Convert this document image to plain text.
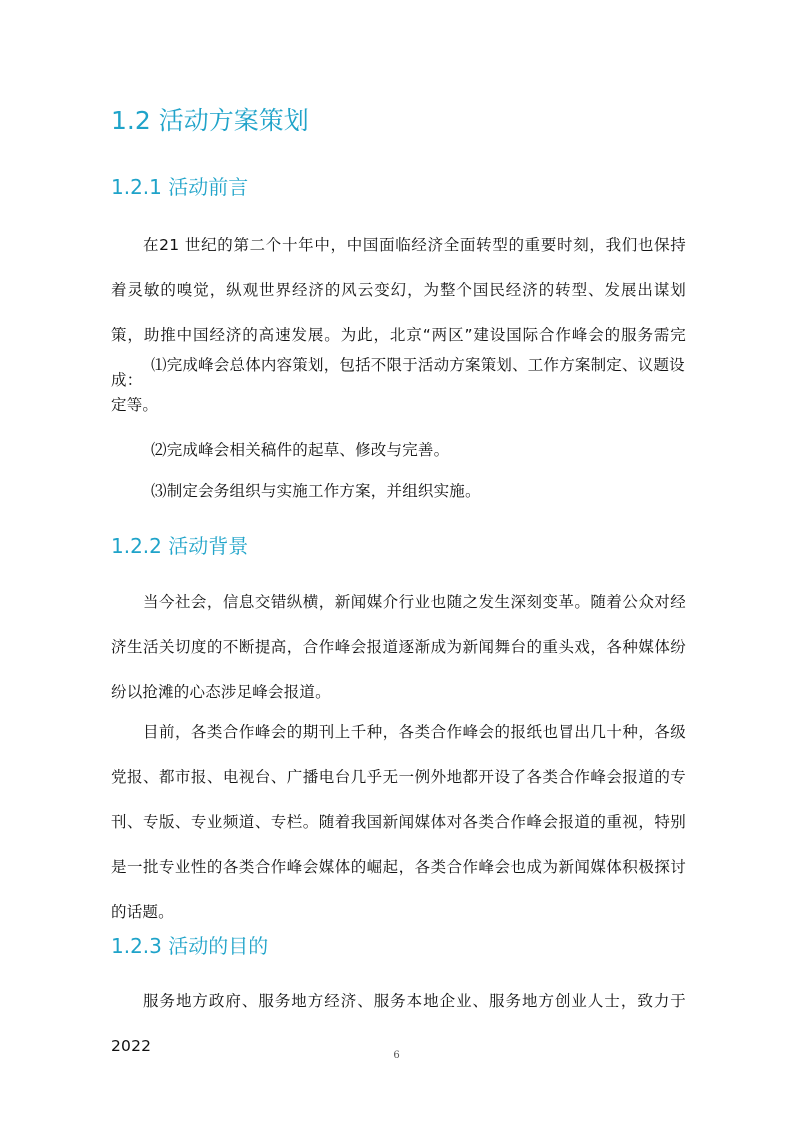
1.2 活动方案策划
1.2.1 活动前言
在21 世纪的第二个十年中，中国面临经济全面转型的重要时刻，我们也保持着灵敏的嗅觉，纵观世界经济的风云变幻，为整个国民经济的转型、发展出谋划策，助推中国经济的高速发展。为此，北京“两区”建设国际合作峰会的服务需完成：
⑴完成峰会总体内容策划，包括不限于活动方案策划、工作方案制定、议题设定等。
⑵完成峰会相关稿件的起草、修改与完善。
⑶制定会务组织与实施工作方案，并组织实施。
1.2.2 活动背景
当今社会，信息交错纵横，新闻媒介行业也随之发生深刻变革。随着公众对经济生活关切度的不断提高，合作峰会报道逐渐成为新闻舞台的重头戏，各种媒体纷纷以抢滩的心态涉足峰会报道。
目前，各类合作峰会的期刊上千种，各类合作峰会的报纸也冒出几十种，各级党报、都市报、电视台、广播电台几乎无一例外地都开设了各类合作峰会报道的专刊、专版、专业频道、专栏。随着我国新闻媒体对各类合作峰会报道的重视，特别是一批专业性的各类合作峰会媒体的崛起，各类合作峰会也成为新闻媒体积极探讨的话题。
1.2.3 活动的目的
服务地方政府、服务地方经济、服务本地企业、服务地方创业人士，致力于2022
6
